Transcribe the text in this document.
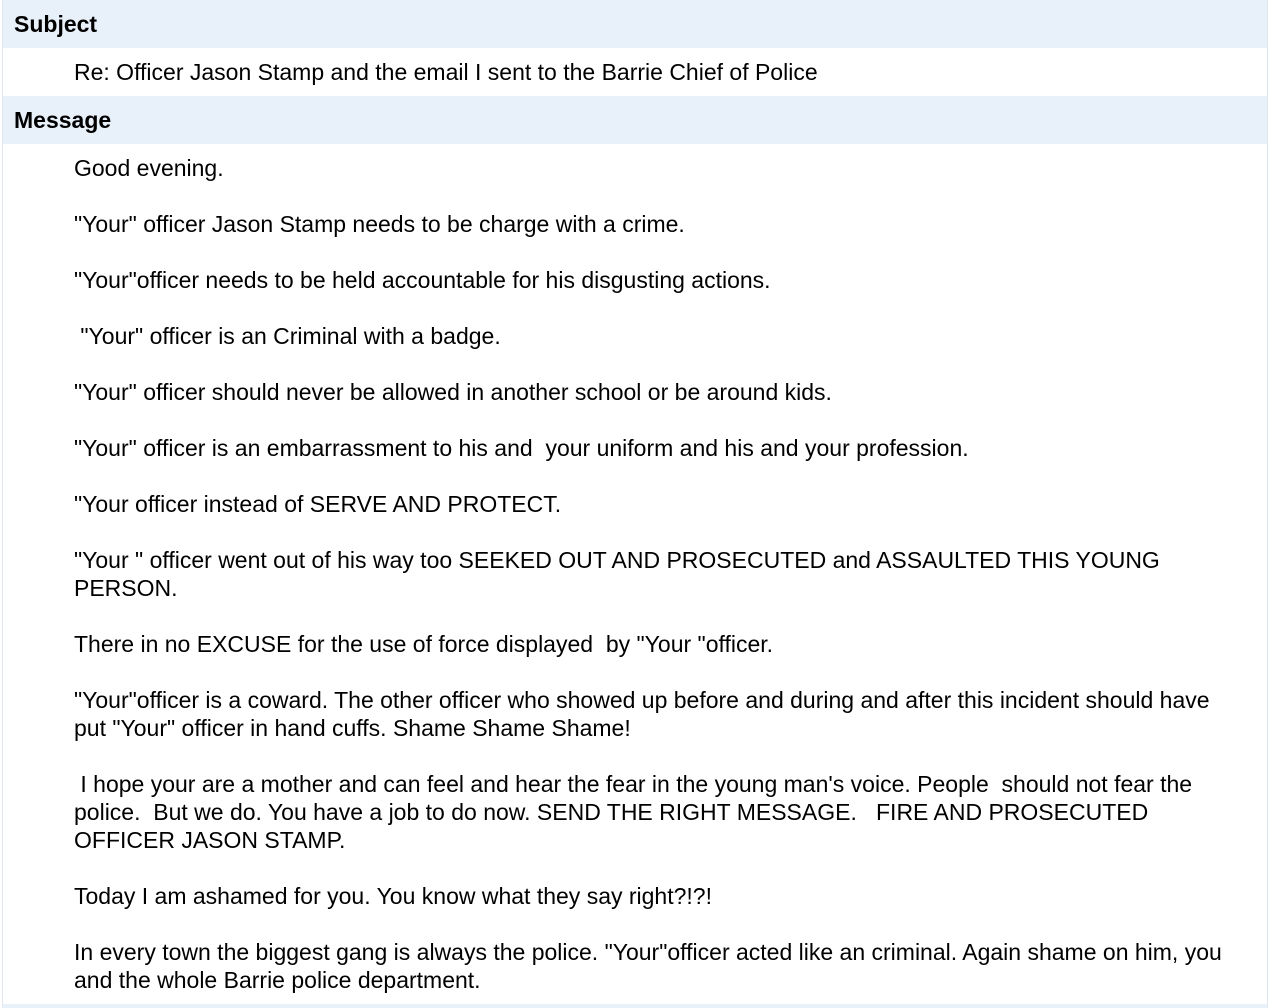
Subject
Re: Officer Jason Stamp and the email I sent to the Barrie Chief of Police
Message

Good evening.

"Your" officer Jason Stamp needs to be charge with a crime.

"Your"officer needs to be held accountable for his disgusting actions.

"Your" officer is an Criminal with a badge.

"Your" officer should never be allowed in another school or be around kids.

"Your" officer is an embarrassment to his and  your uniform and his and your profession.

"Your officer instead of SERVE AND PROTECT.

"Your " officer went out of his way too SEEKED OUT AND PROSECUTED and ASSAULTED THIS YOUNG PERSON.

There in no EXCUSE for the use of force displayed  by "Your "officer.

"Your"officer is a coward. The other officer who showed up before and during and after this incident should have put "Your" officer in hand cuffs. Shame Shame Shame!

I hope your are a mother and can feel and hear the fear in the young man's voice. People  should not fear the police.  But we do. You have a job to do now. SEND THE RIGHT MESSAGE.   FIRE AND PROSECUTED OFFICER JASON STAMP.

Today I am ashamed for you. You know what they say right?!?!

In every town the biggest gang is always the police. "Your"officer acted like an criminal. Again shame on him, you  and the whole Barrie police department.
